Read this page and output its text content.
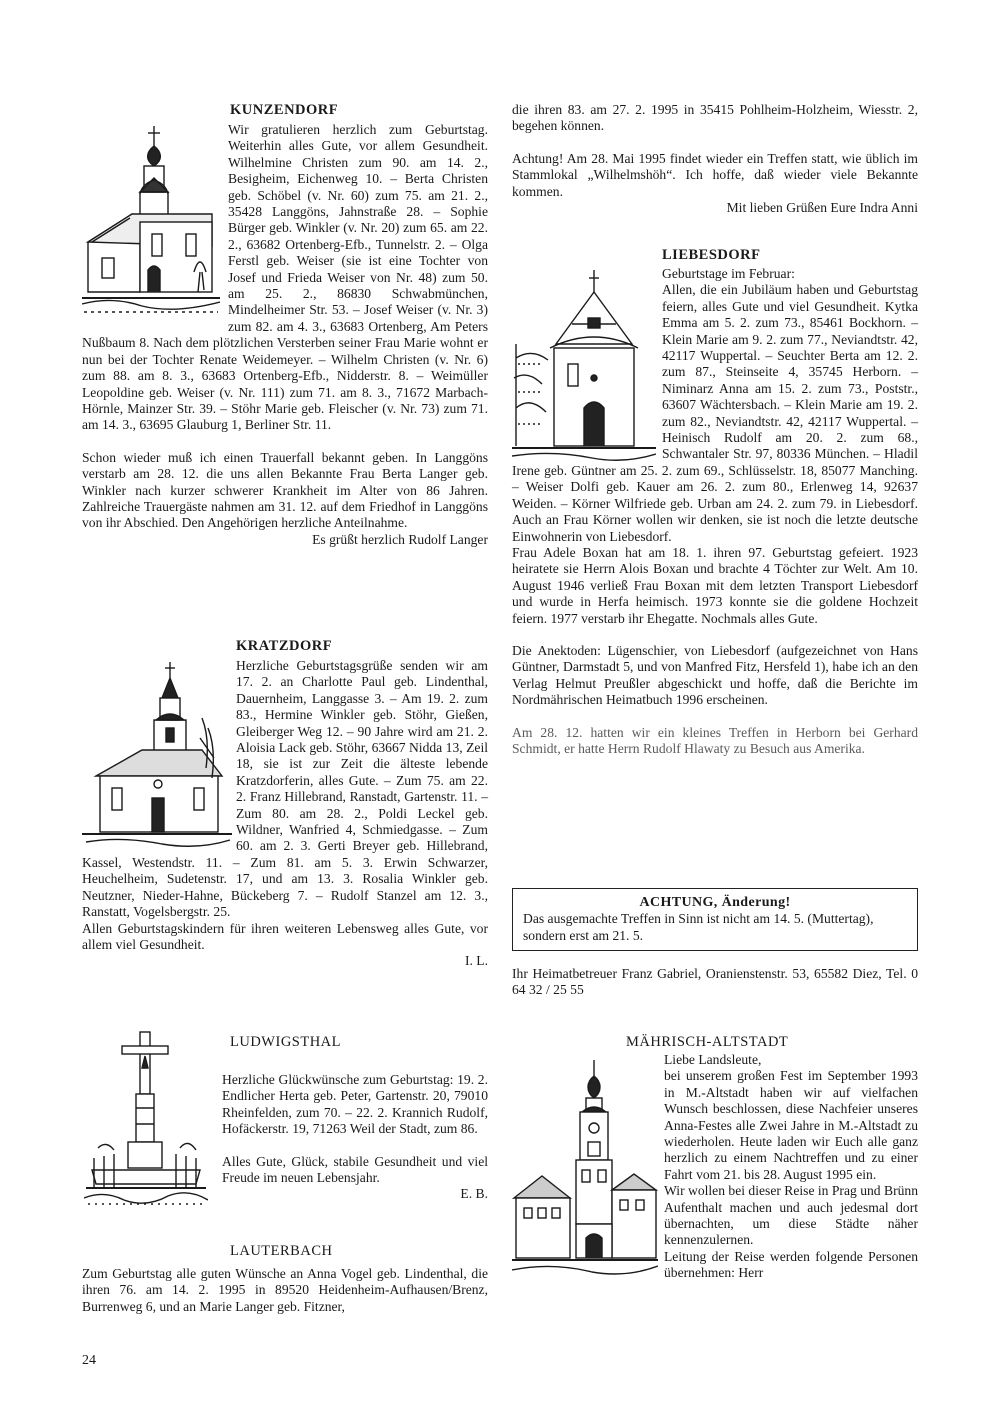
KUNZENDORF

Wir gratulieren herzlich zum Geburtstag. Weiterhin alles Gute, vor allem Gesundheit. Wilhelmine Christen zum 90. am 14. 2., Besigheim, Eichenweg 10. – Berta Christen geb. Schöbel (v. Nr. 60) zum 75. am 21. 2., 35428 Langgöns, Jahnstraße 28. – Sophie Bürger geb. Winkler (v. Nr. 20) zum 65. am 22. 2., 63682 Ortenberg-Efb., Tunnelstr. 2. – Olga Ferstl geb. Weiser (sie ist eine Tochter von Josef und Frieda Weiser von Nr. 48) zum 50. am 25. 2., 86830 Schwabmünchen, Mindelheimer Str. 53. – Josef Weiser (v. Nr. 3) zum 82. am 4. 3., 63683 Ortenberg, Am Peters Nußbaum 8. Nach dem plötzlichen Versterben seiner Frau Marie wohnt er nun bei der Tochter Renate Weidemeyer. – Wilhelm Christen (v. Nr. 6) zum 88. am 8. 3., 63683 Ortenberg-Efb., Nidderstr. 8. – Weimüller Leopoldine geb. Weiser (v. Nr. 111) zum 71. am 8. 3., 71672 Marbach-Hörnle, Mainzer Str. 39. – Stöhr Marie geb. Fleischer (v. Nr. 73) zum 71. am 14. 3., 63695 Glauburg 1, Berliner Str. 11.

Schon wieder muß ich einen Trauerfall bekannt geben. In Langgöns verstarb am 28. 12. die uns allen Bekannte Frau Berta Langer geb. Winkler nach kurzer schwerer Krankheit im Alter von 86 Jahren. Zahlreiche Trauergäste nahmen am 31. 12. auf dem Friedhof in Langgöns von ihr Abschied. Den Angehörigen herzliche Anteilnahme.

Es grüßt herzlich Rudolf Langer

KRATZDORF

Herzliche Geburtstagsgrüße senden wir am 17. 2. an Charlotte Paul geb. Lindenthal, Dauernheim, Langgasse 3. – Am 19. 2. zum 83., Hermine Winkler geb. Stöhr, Gießen, Gleiberger Weg 12. – 90 Jahre wird am 21. 2. Aloisia Lack geb. Stöhr, 63667 Nidda 13, Zeil 18, sie ist zur Zeit die älteste lebende Kratzdorferin, alles Gute. – Zum 75. am 22. 2. Franz Hillebrand, Ranstadt, Gartenstr. 11. – Zum 80. am 28. 2., Poldi Leckel geb. Wildner, Wanfried 4, Schmiedgasse. – Zum 60. am 2. 3. Gerti Breyer geb. Hillebrand, Kassel, Westendstr. 11. – Zum 81. am 5. 3. Erwin Schwarzer, Heuchelheim, Sudetenstr. 17, und am 13. 3. Rosalia Winkler geb. Neutzner, Nieder-Hahne, Bückeberg 7. – Rudolf Stanzel am 12. 3., Ranstatt, Vogelsbergstr. 25.

Allen Geburtstagskindern für ihren weiteren Lebensweg alles Gute, vor allem viel Gesundheit.

I. L.

LUDWIGSTHAL

Herzliche Glückwünsche zum Geburtstag: 19. 2. Endlicher Herta geb. Peter, Gartenstr. 20, 79010 Rheinfelden, zum 70. – 22. 2. Krannich Rudolf, Hofäckerstr. 19, 71263 Weil der Stadt, zum 86.

Alles Gute, Glück, stabile Gesundheit und viel Freude im neuen Lebensjahr.

E. B.

LAUTERBACH

Zum Geburtstag alle guten Wünsche an Anna Vogel geb. Lindenthal, die ihren 76. am 14. 2. 1995 in 89520 Heidenheim-Aufhausen/Brenz, Burrenweg 6, und an Marie Langer geb. Fitzner,

24

die ihren 83. am 27. 2. 1995 in 35415 Pohlheim-Holzheim, Wiesstr. 2, begehen können.

Achtung! Am 28. Mai 1995 findet wieder ein Treffen statt, wie üblich im Stammlokal „Wilhelmshöh“. Ich hoffe, daß wieder viele Bekannte kommen.

Mit lieben Grüßen Eure Indra Anni

LIEBESDORF

Geburtstage im Februar:

Allen, die ein Jubiläum haben und Geburtstag feiern, alles Gute und viel Gesundheit. Kytka Emma am 5. 2. zum 73., 85461 Bockhorn. – Klein Marie am 9. 2. zum 77., Neviandtstr. 42, 42117 Wuppertal. – Seuchter Berta am 12. 2. zum 87., Steinseite 4, 35745 Herborn. – Niminarz Anna am 15. 2. zum 73., Poststr., 63607 Wächtersbach. – Klein Marie am 19. 2. zum 82., Neviandtstr. 42, 42117 Wuppertal. – Heinisch Rudolf am 20. 2. zum 68., Schwantaler Str. 97, 80336 München. – Hladil Irene geb. Güntner am 25. 2. zum 69., Schlüsselstr. 18, 85077 Manching. – Weiser Dolfi geb. Kauer am 26. 2. zum 80., Erlenweg 14, 92637 Weiden. – Körner Wilfriede geb. Urban am 24. 2. zum 79. in Liebesdorf. Auch an Frau Körner wollen wir denken, sie ist noch die letzte deutsche Einwohnerin von Liebesdorf.

Frau Adele Boxan hat am 18. 1. ihren 97. Geburtstag gefeiert. 1923 heiratete sie Herrn Alois Boxan und brachte 4 Töchter zur Welt. Am 10. August 1946 verließ Frau Boxan mit dem letzten Transport Liebesdorf und wurde in Herfa heimisch. 1973 konnte sie die goldene Hochzeit feiern. 1977 verstarb ihr Ehegatte. Nochmals alles Gute.

Die Anektoden: Lügenschier, von Liebesdorf (aufgezeichnet von Hans Güntner, Darmstadt 5, und von Manfred Fitz, Hersfeld 1), habe ich an den Verlag Helmut Preußler abgeschickt und hoffe, daß die Berichte im Nordmährischen Heimatbuch 1996 erscheinen.

Am 28. 12. hatten wir ein kleines Treffen in Herborn bei Gerhard Schmidt, er hatte Herrn Rudolf Hlawaty zu Besuch aus Amerika.

ACHTUNG, Änderung!
Das ausgemachte Treffen in Sinn ist nicht am 14. 5. (Muttertag), sondern erst am 21. 5.

Ihr Heimatbetreuer Franz Gabriel, Oranienstenstr. 53, 65582 Diez, Tel. 0 64 32 / 25 55

MÄHRISCH-ALTSTADT

Liebe Landsleute,

bei unserem großen Fest im September 1993 in M.-Altstadt haben wir auf vielfachen Wunsch beschlossen, diese Nachfeier unseres Anna-Festes alle Zwei Jahre in M.-Altstadt zu wiederholen. Heute laden wir Euch alle ganz herzlich zu einem Nachtreffen und zu einer Fahrt vom 21. bis 28. August 1995 ein.

Wir wollen bei dieser Reise in Prag und Brünn Aufenthalt machen und auch jedesmal dort übernachten, um diese Städte näher kennenzulernen.

Leitung der Reise werden folgende Personen übernehmen: Herr
